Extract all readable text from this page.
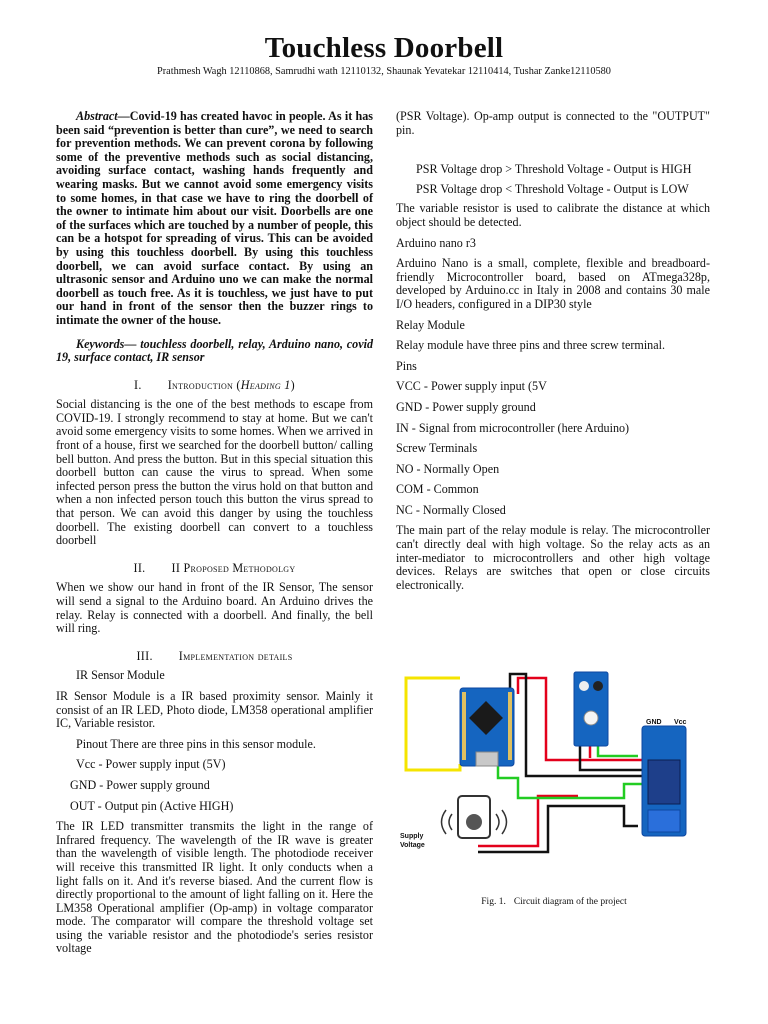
Touchless Doorbell
Prathmesh Wagh 12110868, Samrudhi wath 12110132, Shaunak Yevatekar 12110414, Tushar Zanke12110580

Abstract—Covid-19 has created havoc in people. As it has been said “prevention is better than cure”, we need to search for prevention methods. We can prevent corona by following some of the preventive methods such as social distancing, avoiding surface contact, washing hands frequently and wearing masks. But we cannot avoid some emergency visits to some homes, in that case we have to ring the doorbell of the owner to intimate him about our visit. Doorbells are one of the surfaces which are touched by a number of people, this can be a hotspot for spreading of virus. This can be avoided by using this touchless doorbell. By using this touchless doorbell, we can avoid surface contact. By using an ultrasonic sensor and Arduino uno we can make the normal doorbell as touch free. As it is touchless, we just have to put our hand in front of the sensor then the buzzer rings to intimate the owner of the house.

Keywords— touchless doorbell, relay, Arduino nano, covid 19, surface contact, IR sensor

I. Introduction (Heading 1)

Social distancing is the one of the best methods to escape from COVID-19. I strongly recommend to stay at home. But we can't avoid some emergency visits to some homes. When we arrived in front of a house, first we searched for the doorbell button/ calling bell button. And press the button. But in this special situation this doorbell button can cause the virus to spread. When some infected person press the button the virus hold on that button and when a non infected person touch this button the virus spread to that person. We can avoid this danger by using the touchless doorbell. The existing doorbell can convert to a touchless doorbell

II. II Proposed Methodolgy

When we show our hand in front of the IR Sensor, The sensor will send a signal to the Arduino board. An Arduino drives the relay. Relay is connected with a doorbell. And finally, the bell will ring.

III. Implementation details

IR Sensor Module

IR Sensor Module is a IR based proximity sensor. Mainly it consist of an IR LED, Photo diode, LM358 operational amplifier IC, Variable resistor.

Pinout There are three pins in this sensor module.

Vcc - Power supply input (5V)

GND - Power supply ground

OUT - Output pin (Active HIGH)

The IR LED transmitter transmits the light in the range of Infrared frequency. The wavelength of the IR wave is greater than the wavelength of visible length. The photodiode receiver will receive this transmitted IR light. It only conducts when a light falls on it. And it's reverse biased. And the current flow is directly proportional to the amount of light falling on it. Here the LM358 Operational amplifier (Op-amp) in voltage comparator mode. The comparator will compare the threshold voltage set using the variable resistor and the photodiode's series resistor voltage

(PSR Voltage). Op-amp output is connected to the "OUTPUT" pin.

PSR Voltage drop > Threshold Voltage - Output is HIGH

PSR Voltage drop < Threshold Voltage - Output is LOW

The variable resistor is used to calibrate the distance at which object should be detected.

Arduino nano r3

Arduino Nano is a small, complete, flexible and breadboard-friendly Microcontroller board, based on ATmega328p, developed by Arduino.cc in Italy in 2008 and contains 30 male I/O headers, configured in a DIP30 style

Relay Module

Relay module have three pins and three screw terminal.

Pins

VCC - Power supply input (5V

GND - Power supply ground

IN - Signal from microcontroller (here Arduino)

Screw Terminals

NO - Normally Open

COM - Common

NC - Normally Closed

The main part of the relay module is relay. The microcontroller can't directly deal with high voltage. So the relay acts as an inter-mediator to microcontrollers and other high voltage devices. Relays are switches that open or close circuits electronically.

GND Vcc
Supply
Voltage
Fig. 1. Circuit diagram of the project
